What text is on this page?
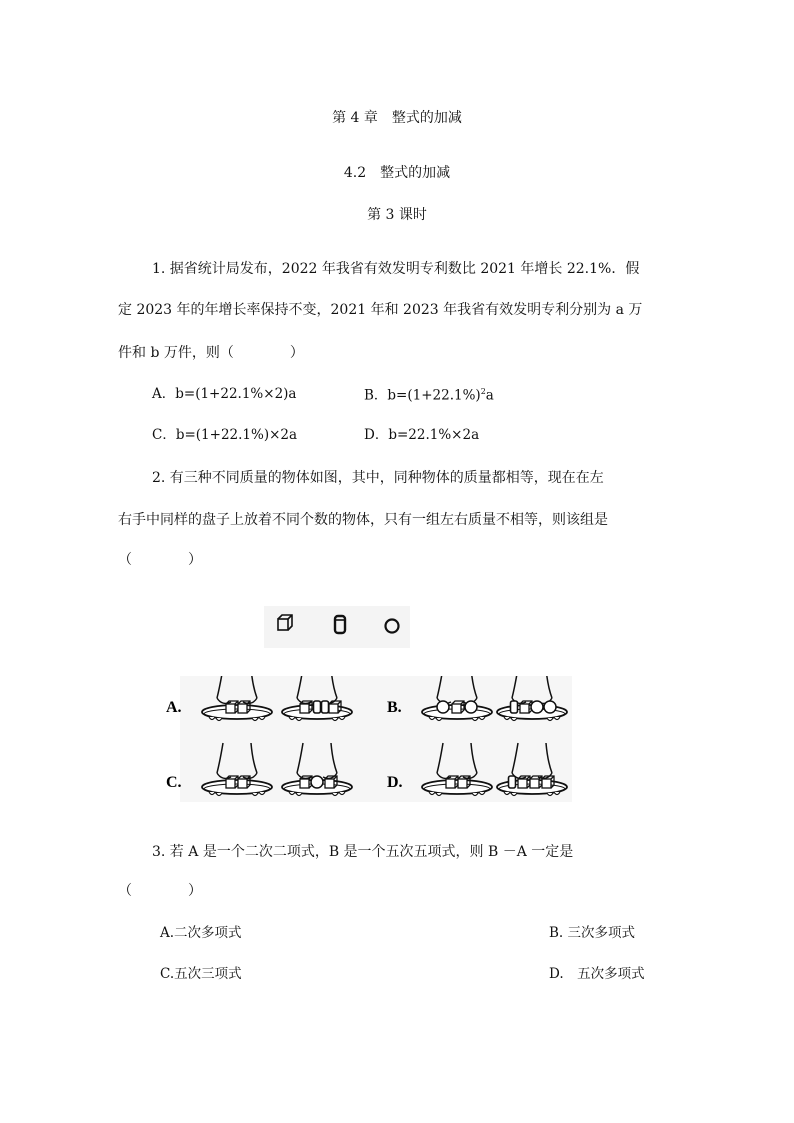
第 4 章　整式的加减
4.2　整式的加减
第 3 课时
1. 据省统计局发布，2022 年我省有效发明专利数比 2021 年增长 22.1%．假
定 2023 年的年增长率保持不变，2021 年和 2023 年我省有效发明专利分别为 a 万
件和 b 万件，则（　　　　）
A．b=(1+22.1%×2)a	B．$b=(1+22.1\%)^2a$
C．b=(1+22.1%)×2a	D．b=22.1%×2a
2. 有三种不同质量的物体如图，其中，同种物体的质量都相等，现在在左
右手中同样的盘子上放着不同个数的物体，只有一组左右质量不相等，则该组是
（　　　　）
A.	B.
C.	D.
3. 若 A 是一个二次二项式，B 是一个五次五项式，则 B －A 一定是
（　　　　）
A.二次多项式	B. 三次多项式
C.五次三项式	D.　五次多项式
